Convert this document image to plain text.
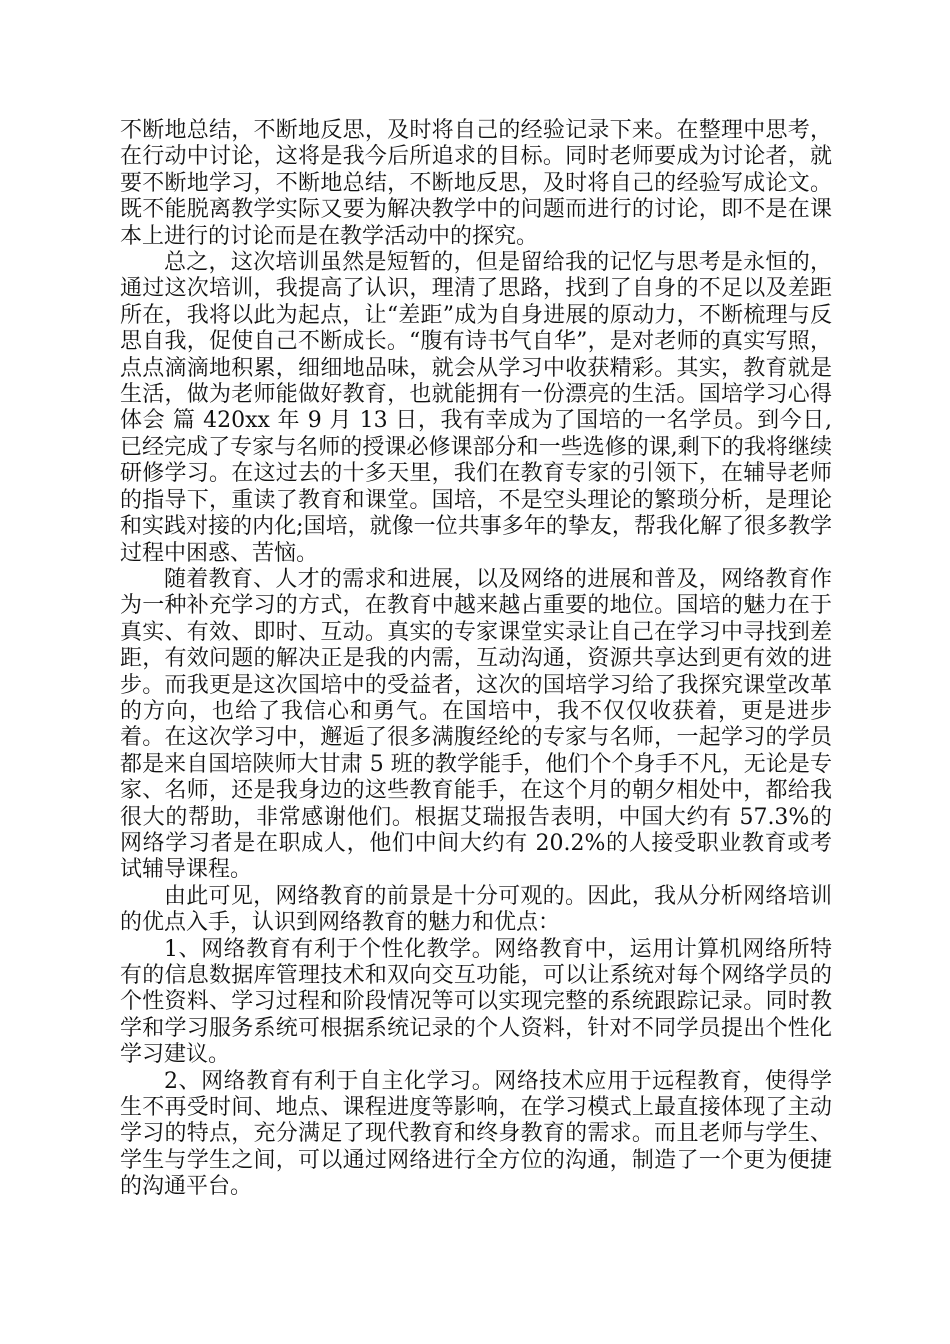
不断地总结，不断地反思，及时将自己的经验记录下来。在整理中思考，在行动中讨论，这将是我今后所追求的目标。同时老师要成为讨论者，就要不断地学习，不断地总结，不断地反思，及时将自己的经验写成论文。既不能脱离教学实际又要为解决教学中的问题而进行的讨论，即不是在课本上进行的讨论而是在教学活动中的探究。

总之，这次培训虽然是短暂的，但是留给我的记忆与思考是永恒的，通过这次培训，我提高了认识，理清了思路，找到了自身的不足以及差距所在，我将以此为起点，让“差距”成为自身进展的原动力，不断梳理与反思自我，促使自己不断成长。“腹有诗书气自华”，是对老师的真实写照，点点滴滴地积累，细细地品味，就会从学习中收获精彩。其实，教育就是生活，做为老师能做好教育，也就能拥有一份漂亮的生活。国培学习心得体会 篇 420xx 年 9 月 13 日，我有幸成为了国培的一名学员。到今日,已经完成了专家与名师的授课必修课部分和一些选修的课,剩下的我将继续研修学习。在这过去的十多天里，我们在教育专家的引领下，在辅导老师的指导下，重读了教育和课堂。国培，不是空头理论的繁琐分析，是理论和实践对接的内化;国培，就像一位共事多年的挚友，帮我化解了很多教学过程中困惑、苦恼。

随着教育、人才的需求和进展，以及网络的进展和普及，网络教育作为一种补充学习的方式，在教育中越来越占重要的地位。国培的魅力在于真实、有效、即时、互动。真实的专家课堂实录让自己在学习中寻找到差距，有效问题的解决正是我的内需，互动沟通，资源共享达到更有效的进步。而我更是这次国培中的受益者，这次的国培学习给了我探究课堂改革的方向，也给了我信心和勇气。在国培中，我不仅仅收获着，更是进步着。在这次学习中，邂逅了很多满腹经纶的专家与名师，一起学习的学员都是来自国培陕师大甘肃 5 班的教学能手，他们个个身手不凡，无论是专家、名师，还是我身边的这些教育能手，在这个月的朝夕相处中，都给我很大的帮助，非常感谢他们。根据艾瑞报告表明，中国大约有 57.3%的网络学习者是在职成人，他们中间大约有 20.2%的人接受职业教育或考试辅导课程。

由此可见，网络教育的前景是十分可观的。因此，我从分析网络培训的优点入手，认识到网络教育的魅力和优点：

1、网络教育有利于个性化教学。网络教育中，运用计算机网络所特有的信息数据库管理技术和双向交互功能，可以让系统对每个网络学员的个性资料、学习过程和阶段情况等可以实现完整的系统跟踪记录。同时教学和学习服务系统可根据系统记录的个人资料，针对不同学员提出个性化学习建议。

2、网络教育有利于自主化学习。网络技术应用于远程教育，使得学生不再受时间、地点、课程进度等影响，在学习模式上最直接体现了主动学习的特点，充分满足了现代教育和终身教育的需求。而且老师与学生、学生与学生之间，可以通过网络进行全方位的沟通，制造了一个更为便捷的沟通平台。
